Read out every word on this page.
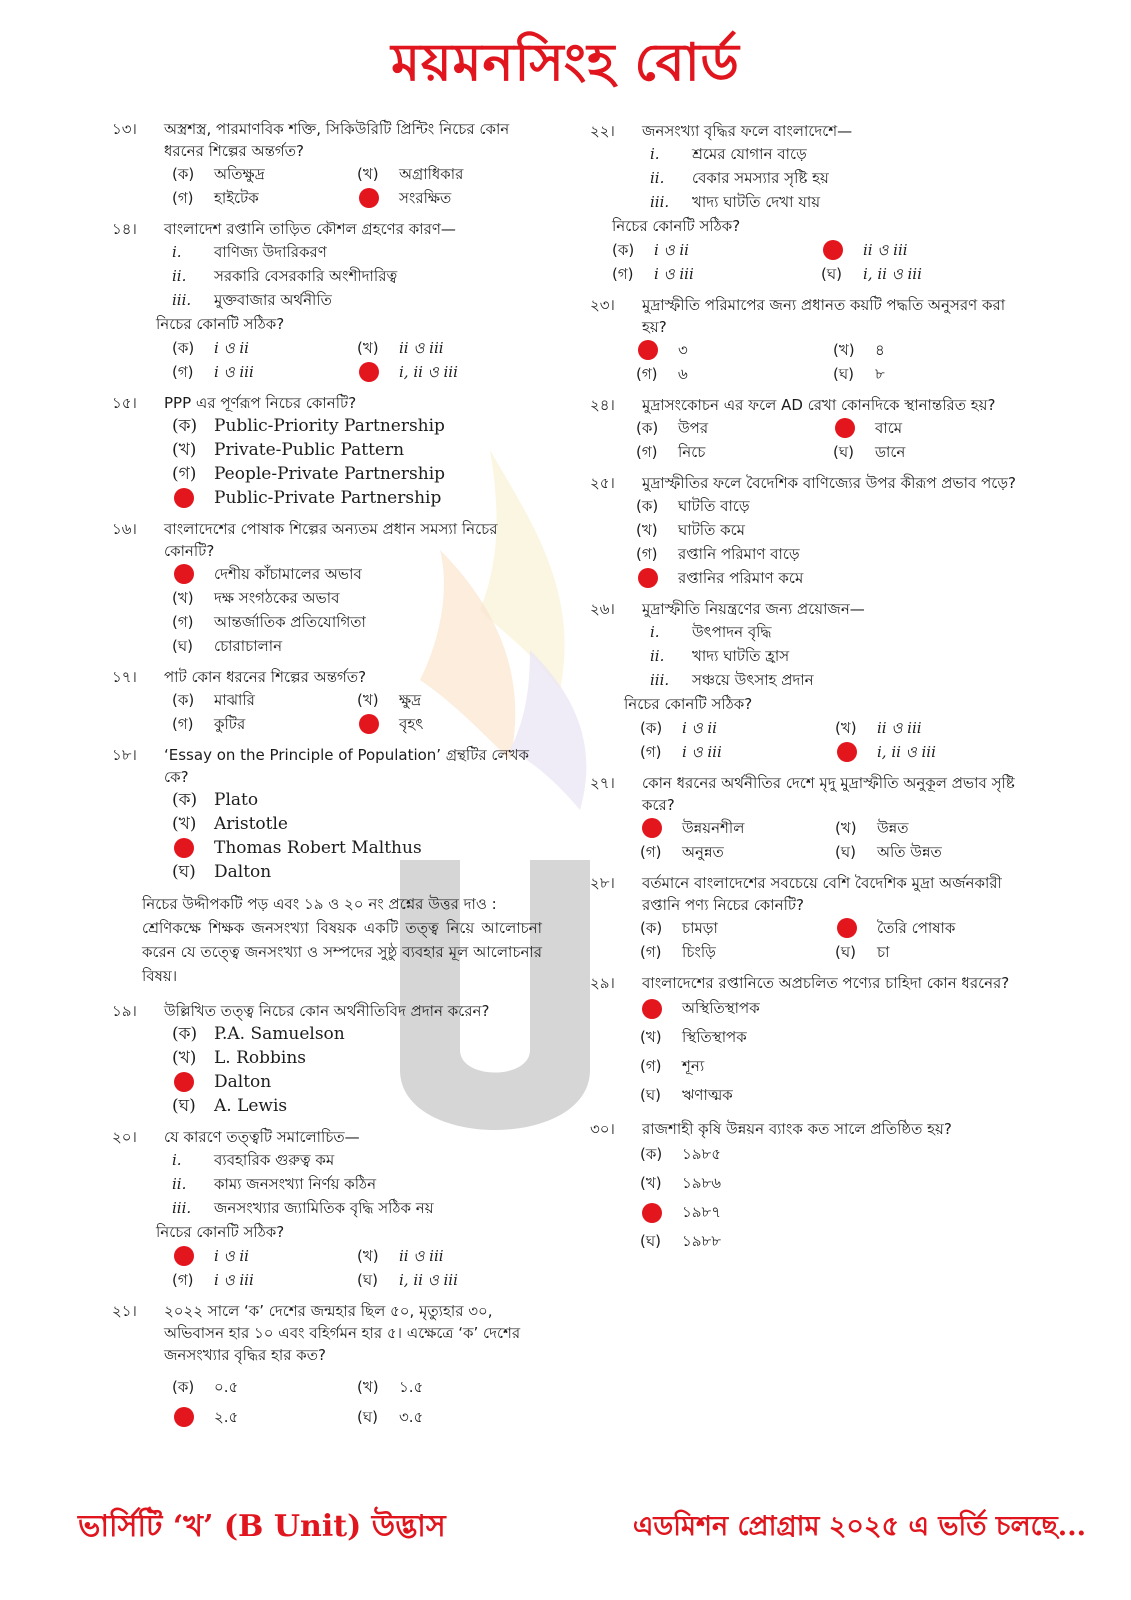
ময়মনসিংহ বোর্ড
১৩।	অস্ত্রশস্ত্র, পারমাণবিক শক্তি, সিকিউরিটি প্রিন্টিং নিচের কোন ধরনের শিল্পের অন্তর্গত?
(ক)	অতিক্ষুদ্র	(খ)	অগ্রাধিকার
(গ)	হাইটেক	সংরক্ষিত
১৪।	বাংলাদেশ রপ্তানি তাড়িত কৌশল গ্রহণের কারণ—
i.	বাণিজ্য উদারিকরণ
ii.	সরকারি বেসরকারি অংশীদারিত্ব
iii.	মুক্তবাজার অর্থনীতি
নিচের কোনটি সঠিক?
(ক)	i ও ii	(খ)	ii ও iii
(গ)	i ও iii	i, ii ও iii
১৫।	PPP এর পূর্ণরূপ নিচের কোনটি?
(ক) Public-Priority Partnership
(খ)	Private-Public Pattern
(গ)	People-Private Partnership
Public-Private Partnership
১৬।	বাংলাদেশের পোষাক শিল্পের অন্যতম প্রধান সমস্যা নিচের কোনটি?
দেশীয় কাঁচামালের অভাব
(খ)	দক্ষ সংগঠকের অভাব
(গ)	আন্তর্জাতিক প্রতিযোগিতা
(ঘ)	চোরাচালান
১৭।	পাট কোন ধরনের শিল্পের অন্তর্গত?
(ক)	মাঝারি	(খ)	ক্ষুদ্র
(গ)	কুটির	বৃহৎ
১৮।	‘Essay on the Principle of Population’ গ্রন্থটির লেখক কে?
(ক) Plato
(খ)	Aristotle
Thomas Robert Malthus
(ঘ)	Dalton
নিচের উদ্দীপকটি পড় এবং ১৯ ও ২০ নং প্রশ্নের উত্তর দাও :
শ্রেণিকক্ষে শিক্ষক জনসংখ্যা বিষয়ক একটি তত্ত্ব নিয়ে আলোচনা করেন যে তত্ত্বে জনসংখ্যা ও সম্পদের সুষ্ঠু ব্যবহার মূল আলোচনার বিষয়।
১৯।	উল্লিখিত তত্ত্ব নিচের কোন অর্থনীতিবিদ প্রদান করেন?
(ক) P.A. Samuelson
(খ)	L. Robbins
Dalton
(ঘ)	A. Lewis
২০।	যে কারণে তত্ত্বটি সমালোচিত—
i.	ব্যবহারিক গুরুত্ব কম
ii.	কাম্য জনসংখ্যা নির্ণয় কঠিন
iii.	জনসংখ্যার জ্যামিতিক বৃদ্ধি সঠিক নয়
নিচের কোনটি সঠিক?
i ও ii	(খ)	ii ও iii
(গ)	i ও iii	(ঘ)	i, ii ও iii
২১।	২০২২ সালে ‘ক’ দেশের জন্মহার ছিল ৫০, মৃত্যুহার ৩০, অভিবাসন হার ১০ এবং বহির্গমন হার ৫। এক্ষেত্রে ‘ক’ দেশের জনসংখ্যার বৃদ্ধির হার কত?
(ক)	০.৫	(খ)	১.৫
২.৫	(ঘ)	৩.৫
২২।	জনসংখ্যা বৃদ্ধির ফলে বাংলাদেশে—
i.	শ্রমের যোগান বাড়ে
ii.	বেকার সমস্যার সৃষ্টি হয়
iii.	খাদ্য ঘাটতি দেখা যায়
নিচের কোনটি সঠিক?
(ক)	i ও ii	ii ও iii
(গ)	i ও iii	(ঘ)	i, ii ও iii
২৩।	মুদ্রাস্ফীতি পরিমাপের জন্য প্রধানত কয়টি পদ্ধতি অনুসরণ করা হয়?
৩	(খ)	৪
(গ)	৬	(ঘ)	৮
২৪।	মুদ্রাসংকোচন এর ফলে AD রেখা কোনদিকে স্থানান্তরিত হয়?
(ক)	উপর	বামে
(গ)	নিচে	(ঘ)	ডানে
২৫।	মুদ্রাস্ফীতির ফলে বৈদেশিক বাণিজ্যের উপর কীরূপ প্রভাব পড়ে?
(ক)	ঘাটতি বাড়ে
(খ)	ঘাটতি কমে
(গ)	রপ্তানি পরিমাণ বাড়ে
রপ্তানির পরিমাণ কমে
২৬।	মুদ্রাস্ফীতি নিয়ন্ত্রণের জন্য প্রয়োজন—
i.	উৎপাদন বৃদ্ধি
ii.	খাদ্য ঘাটতি হ্রাস
iii.	সঞ্চয়ে উৎসাহ প্রদান
নিচের কোনটি সঠিক?
(ক)	i ও ii	(খ)	ii ও iii
(গ)	i ও iii	i, ii ও iii
২৭।	কোন ধরনের অর্থনীতির দেশে মৃদু মুদ্রাস্ফীতি অনুকূল প্রভাব সৃষ্টি করে?
উন্নয়নশীল	(খ)	উন্নত
(গ)	অনুন্নত	(ঘ)	অতি উন্নত
২৮।	বর্তমানে বাংলাদেশের সবচেয়ে বেশি বৈদেশিক মুদ্রা অর্জনকারী রপ্তানি পণ্য নিচের কোনটি?
(ক)	চামড়া	তৈরি পোষাক
(গ)	চিংড়ি	(ঘ)	চা
২৯।	বাংলাদেশের রপ্তানিতে অপ্রচলিত পণ্যের চাহিদা কোন ধরনের?
অস্থিতিস্থাপক
(খ)	স্থিতিস্থাপক
(গ)	শূন্য
(ঘ)	ঋণাত্মক
৩০।	রাজশাহী কৃষি উন্নয়ন ব্যাংক কত সালে প্রতিষ্ঠিত হয়?
(ক)	১৯৮৫
(খ)	১৯৮৬
১৯৮৭
(ঘ)	১৯৮৮
ভার্সিটি ‘খ’ (B Unit) উদ্ভাস	এডমিশন প্রোগ্রাম ২০২৫ এ ভর্তি চলছে...
